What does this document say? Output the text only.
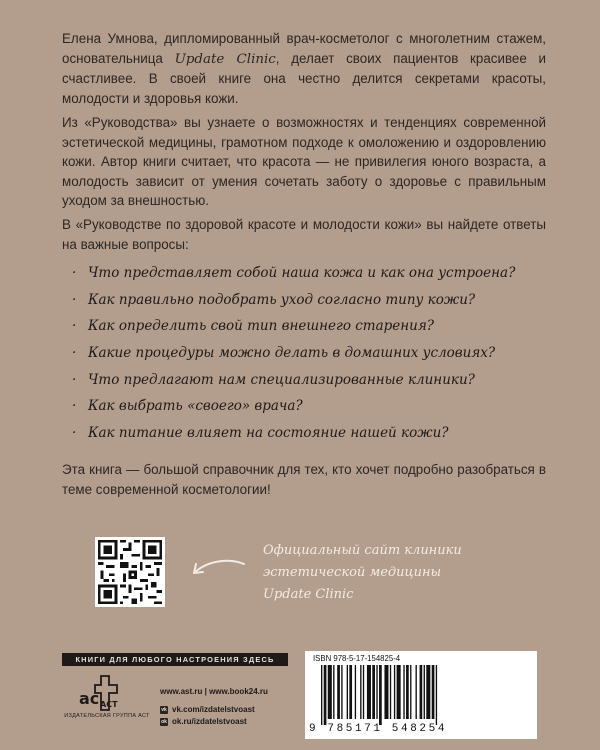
Елена Умнова, дипломированный врач-косметолог с многолетним стажем, основательница Update Clinic, делает своих пациентов красивее и счастливее. В своей книге она честно делится секретами красоты, молодости и здоровья кожи.

Из «Руководства» вы узнаете о возможностях и тенденциях современной эстетической медицины, грамотном подходе к омоложению и оздоровлению кожи. Автор книги считает, что красота — не привилегия юного возраста, а молодость зависит от умения сочетать заботу о здоровье с правильным уходом за внешностью.

В «Руководстве по здоровой красоте и молодости кожи» вы найдете ответы на важные вопросы:

· Что представляет собой наша кожа и как она устроена?
· Как правильно подобрать уход согласно типу кожи?
· Как определить свой тип внешнего старения?
· Какие процедуры можно делать в домашних условиях?
· Что предлагают нам специализированные клиники?
· Как выбрать «своего» врача?
· Как питание влияет на состояние нашей кожи?

Эта книга — большой справочник для тех, кто хочет подробно разобраться в теме современной косметологии!

Официальный сайт клиники
эстетической медицины
Update Clinic
КНИГИ ДЛЯ ЛЮБОГО НАСТРОЕНИЯ ЗДЕСЬ
ac ACT
ИЗДАТЕЛЬСКАЯ ГРУППА АСТ
www.ast.ru | www.book24.ru
vk vk.com/izdatelstvoast
ok ok.ru/izdatelstvoast
ISBN 978-5-17-154825-4
9 785171 548254
